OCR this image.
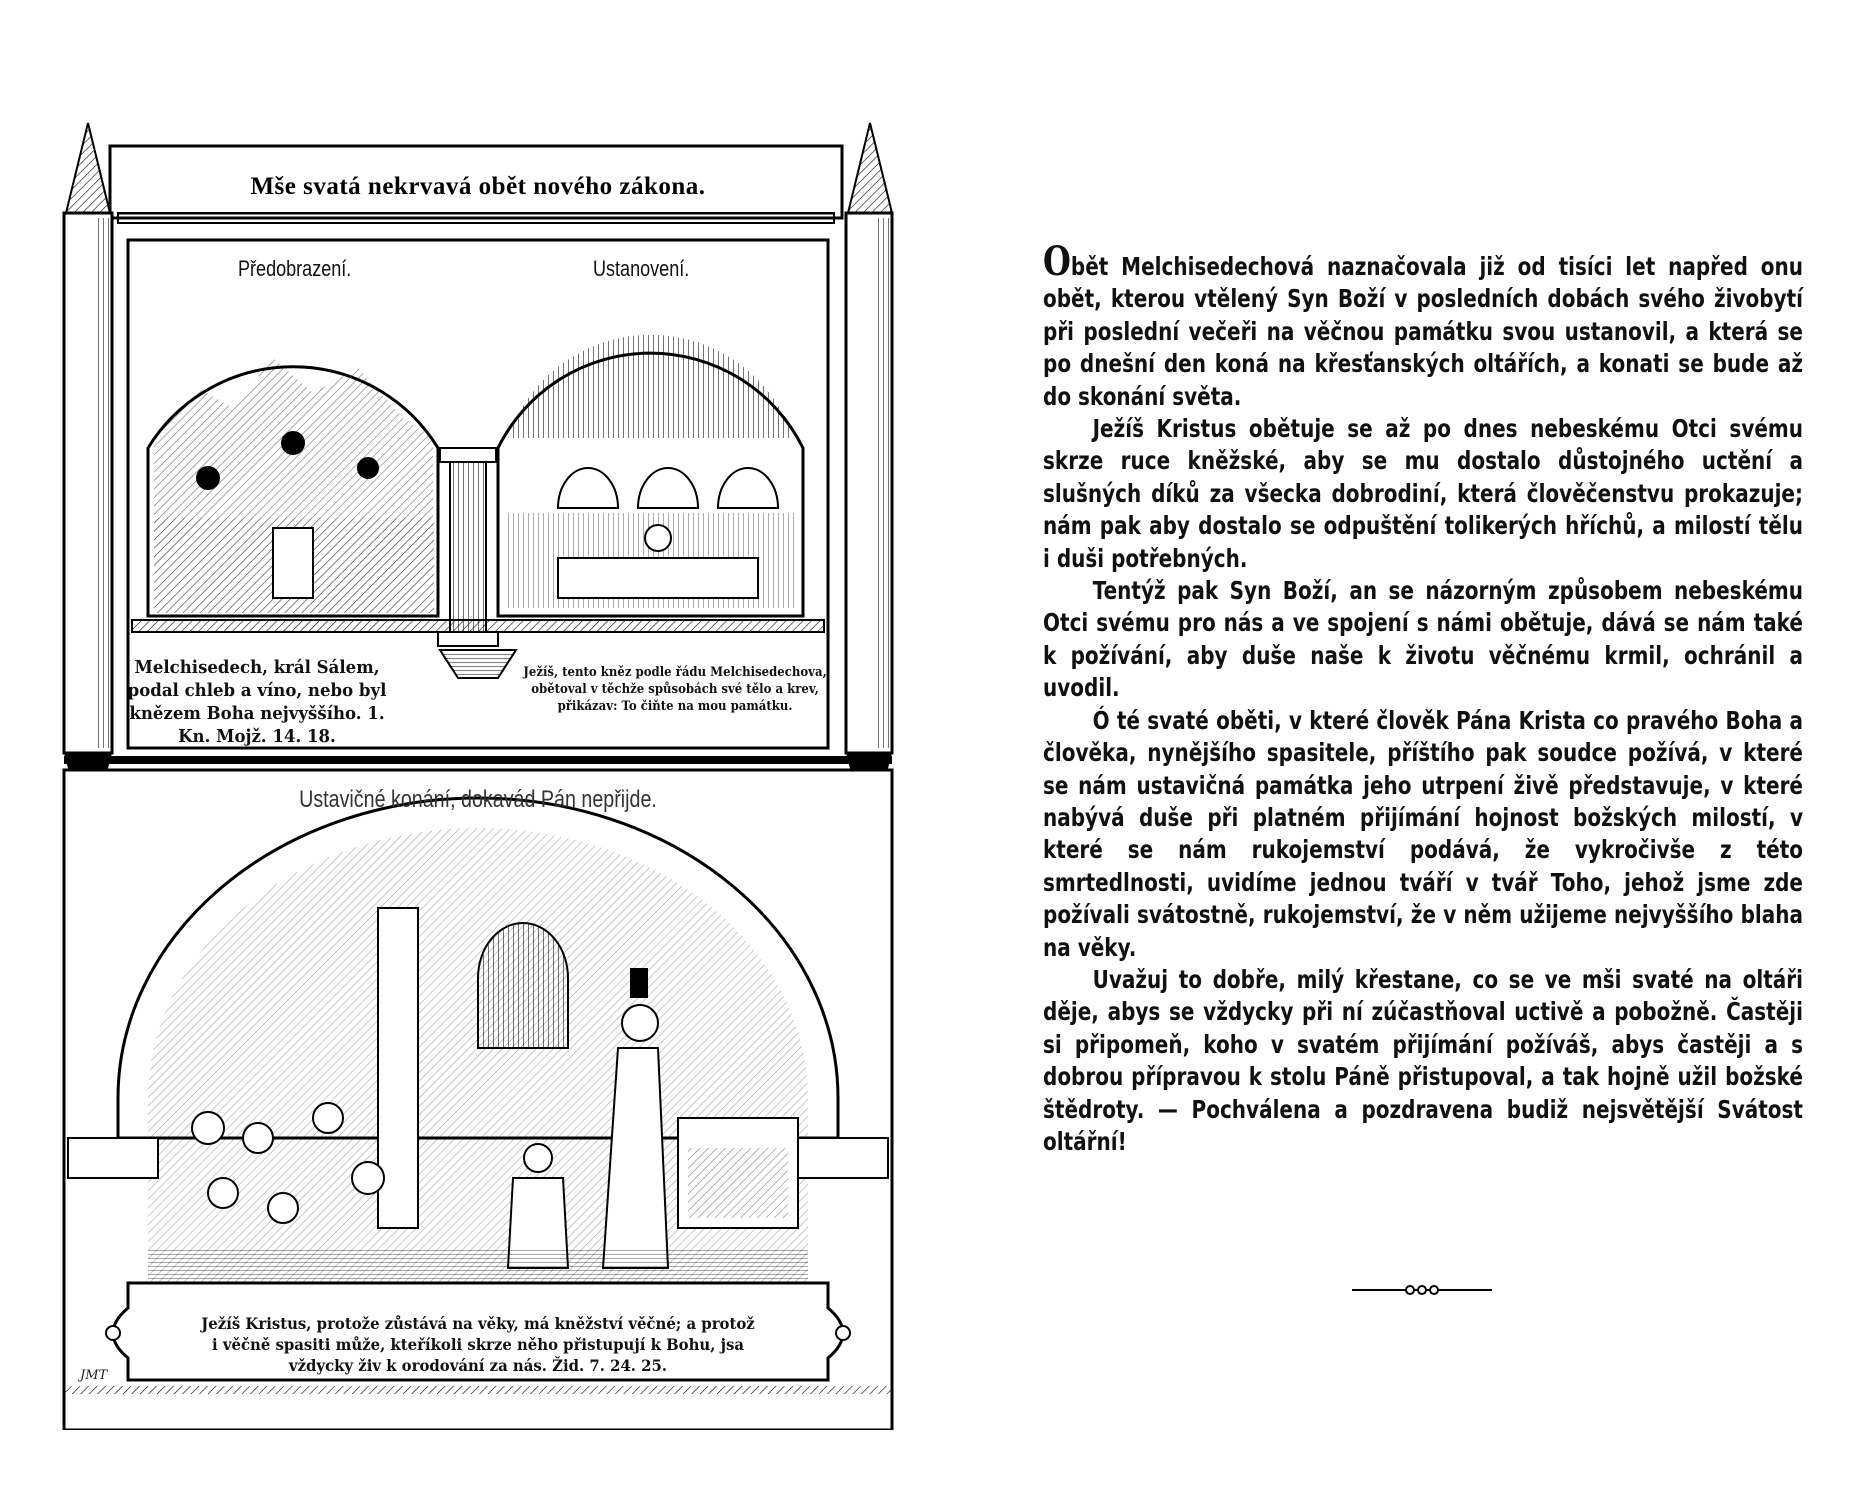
Mše svatá nekrvavá obět nového zákona.
Předobrazení.	Ustanovení.
Melchisedech, král Sálem, podal chleb a víno, nebo byl knězem Boha nejvyššího. 1. Kn. Mojž. 14. 18.
Ježíš, tento kněz podle řádu Melchisedechova, obětoval v těchže spůsobách své tělo a krev, přikázav: To čiňte na mou památku.
Ustavičné konání, dokavád Pán nepřijde.
Ježíš Kristus, protože zůstává na věky, má kněžství věčné; a protož i věčně spasiti může, kteříkoli skrze něho přistupují k Bohu, jsa vždycky živ k orodování za nás. Žid. 7. 24. 25.
JMT

Obět Melchisedechová naznačovala již od tisíci let napřed onu obět, kterou vtělený Syn Boží v posledních dobách svého živobytí při poslední večeři na věčnou památku svou ustanovil, a která se po dnešní den koná na křesťanských oltářích, a konati se bude až do skonání světa.

Ježíš Kristus obětuje se až po dnes nebeskému Otci svému skrze ruce kněžské, aby se mu dostalo důstojného uctění a slušných díků za všecka dobrodiní, která člověčenstvu prokazuje; nám pak aby dostalo se odpuštění tolikerých hříchů, a milostí tělu i duši potřebných.

Tentýž pak Syn Boží, an se názorným způsobem nebeskému Otci svému pro nás a ve spojení s námi obětuje, dává se nám také k požívání, aby duše naše k životu věčnému krmil, ochránil a uvodil.

Ó té svaté oběti, v které člověk Pána Krista co pravého Boha a člověka, nynějšího spasitele, příštího pak soudce požívá, v které se nám ustavičná památka jeho utrpení živě představuje, v které nabývá duše při platném přijímání hojnost božských milostí, v které se nám rukojemství podává, že vykročivše z této smrtedlnosti, uvidíme jednou tváří v tvář Toho, jehož jsme zde požívali svátostně, rukojemství, že v něm užijeme nejvyššího blaha na věky.

Uvažuj to dobře, milý křestane, co se ve mši svaté na oltáři děje, abys se vždycky při ní zúčastňoval uctivě a pobožně. Častěji si připomeň, koho v svatém přijímání požíváš, abys častěji a s dobrou přípravou k stolu Páně přistupoval, a tak hojně užil božské štědroty. — Pochválena a pozdravena budiž nejsvětější Svátost oltářní!
